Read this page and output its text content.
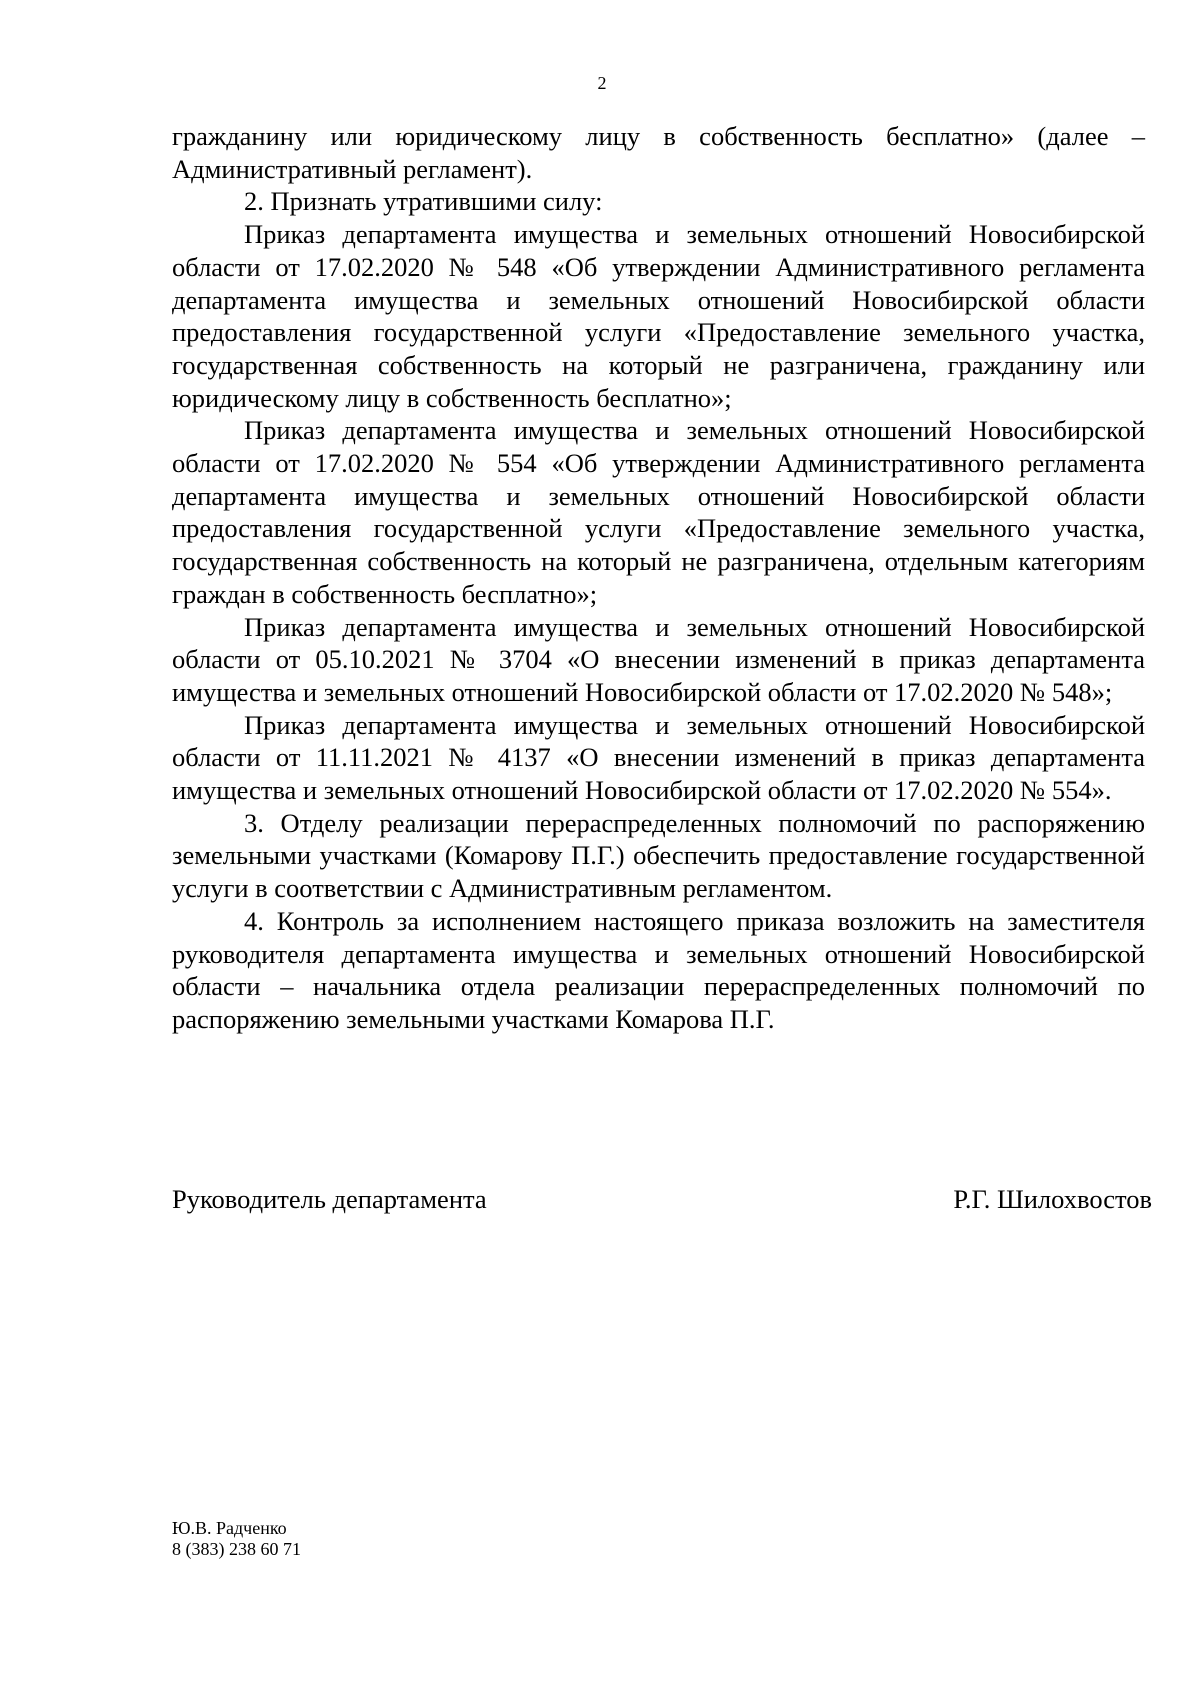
2

гражданину или юридическому лицу в собственность бесплатно» (далее – Административный регламент).

2. Признать утратившими силу:

Приказ департамента имущества и земельных отношений Новосибирской области от 17.02.2020 № 548 «Об утверждении Административного регламента департамента имущества и земельных отношений Новосибирской области предоставления государственной услуги «Предоставление земельного участка, государственная собственность на который не разграничена, гражданину или юридическому лицу в собственность бесплатно»;

Приказ департамента имущества и земельных отношений Новосибирской области от 17.02.2020 № 554 «Об утверждении Административного регламента департамента имущества и земельных отношений Новосибирской области предоставления государственной услуги «Предоставление земельного участка, государственная собственность на который не разграничена, отдельным категориям граждан в собственность бесплатно»;

Приказ департамента имущества и земельных отношений Новосибирской области от 05.10.2021 № 3704 «О внесении изменений в приказ департамента имущества и земельных отношений Новосибирской области от 17.02.2020 № 548»;

Приказ департамента имущества и земельных отношений Новосибирской области от 11.11.2021 № 4137 «О внесении изменений в приказ департамента имущества и земельных отношений Новосибирской области от 17.02.2020 № 554».

3. Отделу реализации перераспределенных полномочий по распоряжению земельными участками (Комарову П.Г.) обеспечить предоставление государственной услуги в соответствии с Административным регламентом.

4. Контроль за исполнением настоящего приказа возложить на заместителя руководителя департамента имущества и земельных отношений Новосибирской области – начальника отдела реализации перераспределенных полномочий по распоряжению земельными участками Комарова П.Г.

Руководитель департамента	Р.Г. Шилохвостов
Ю.В. Радченко
8 (383) 238 60 71
